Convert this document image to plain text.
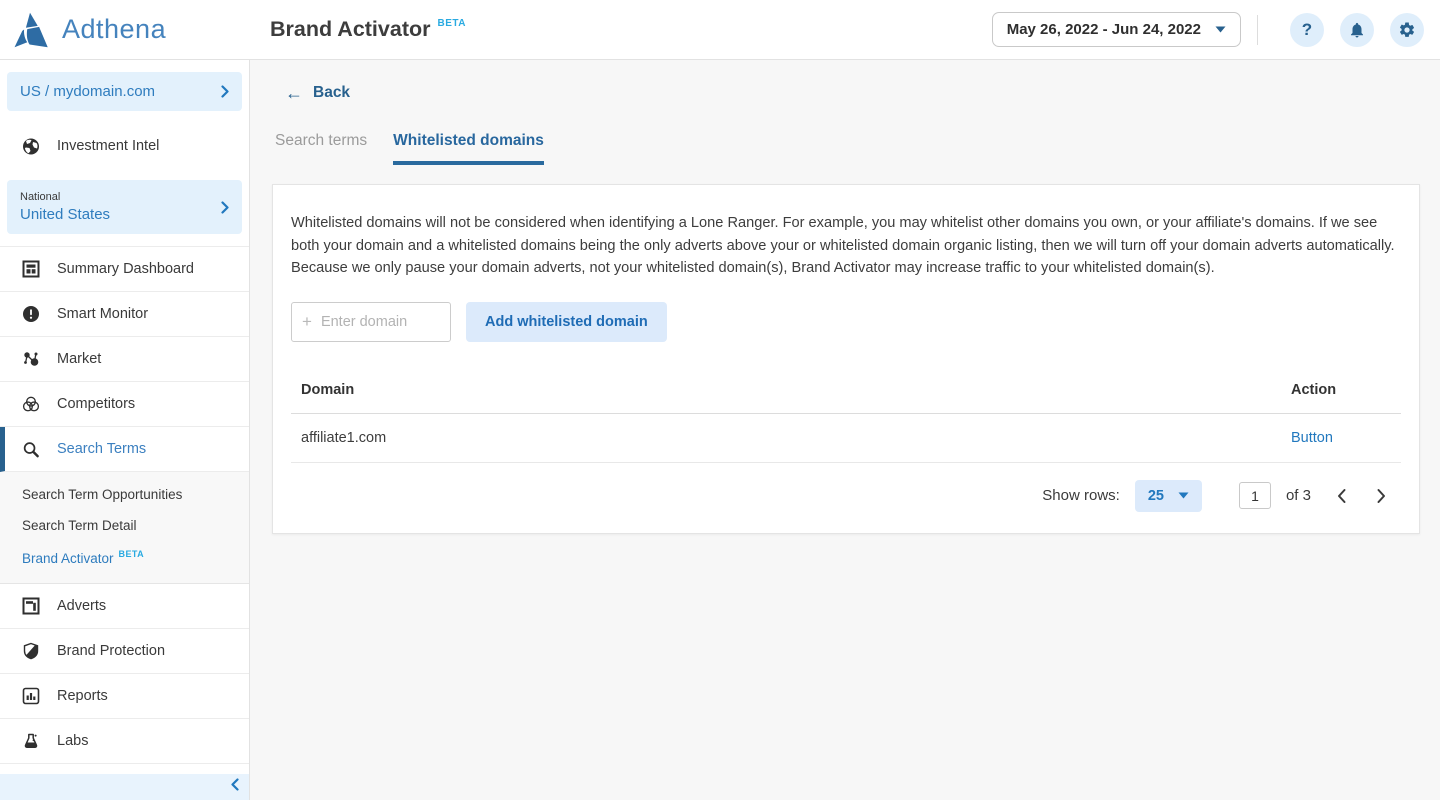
Adthena	Brand Activator BETA	May 26, 2022 - Jun 24, 2022	?
US / mydomain.com
Investment Intel
National
United States
Summary Dashboard
Smart Monitor
Market
Competitors
Search Terms
Search Term Opportunities
Search Term Detail
Brand Activator $^{BETA}$
Adverts
Brand Protection
Reports
Labs
← Back
Search terms Whitelisted domains

Whitelisted domains will not be considered when identifying a Lone Ranger. For example, you may whitelist other domains you own, or your affiliate's domains. If we see both your domain and a whitelisted domains being the only adverts above your or whitelisted domain organic listing, then we will turn off your domain adverts automatically. Because we only pause your domain adverts, not your whitelisted domain(s), Brand Activator may increase traffic to your whitelisted domain(s).

+
Enter domain	Add whitelisted domain
Domain	Action
affiliate1.com	Button
Show rows: 25
1	of 3
